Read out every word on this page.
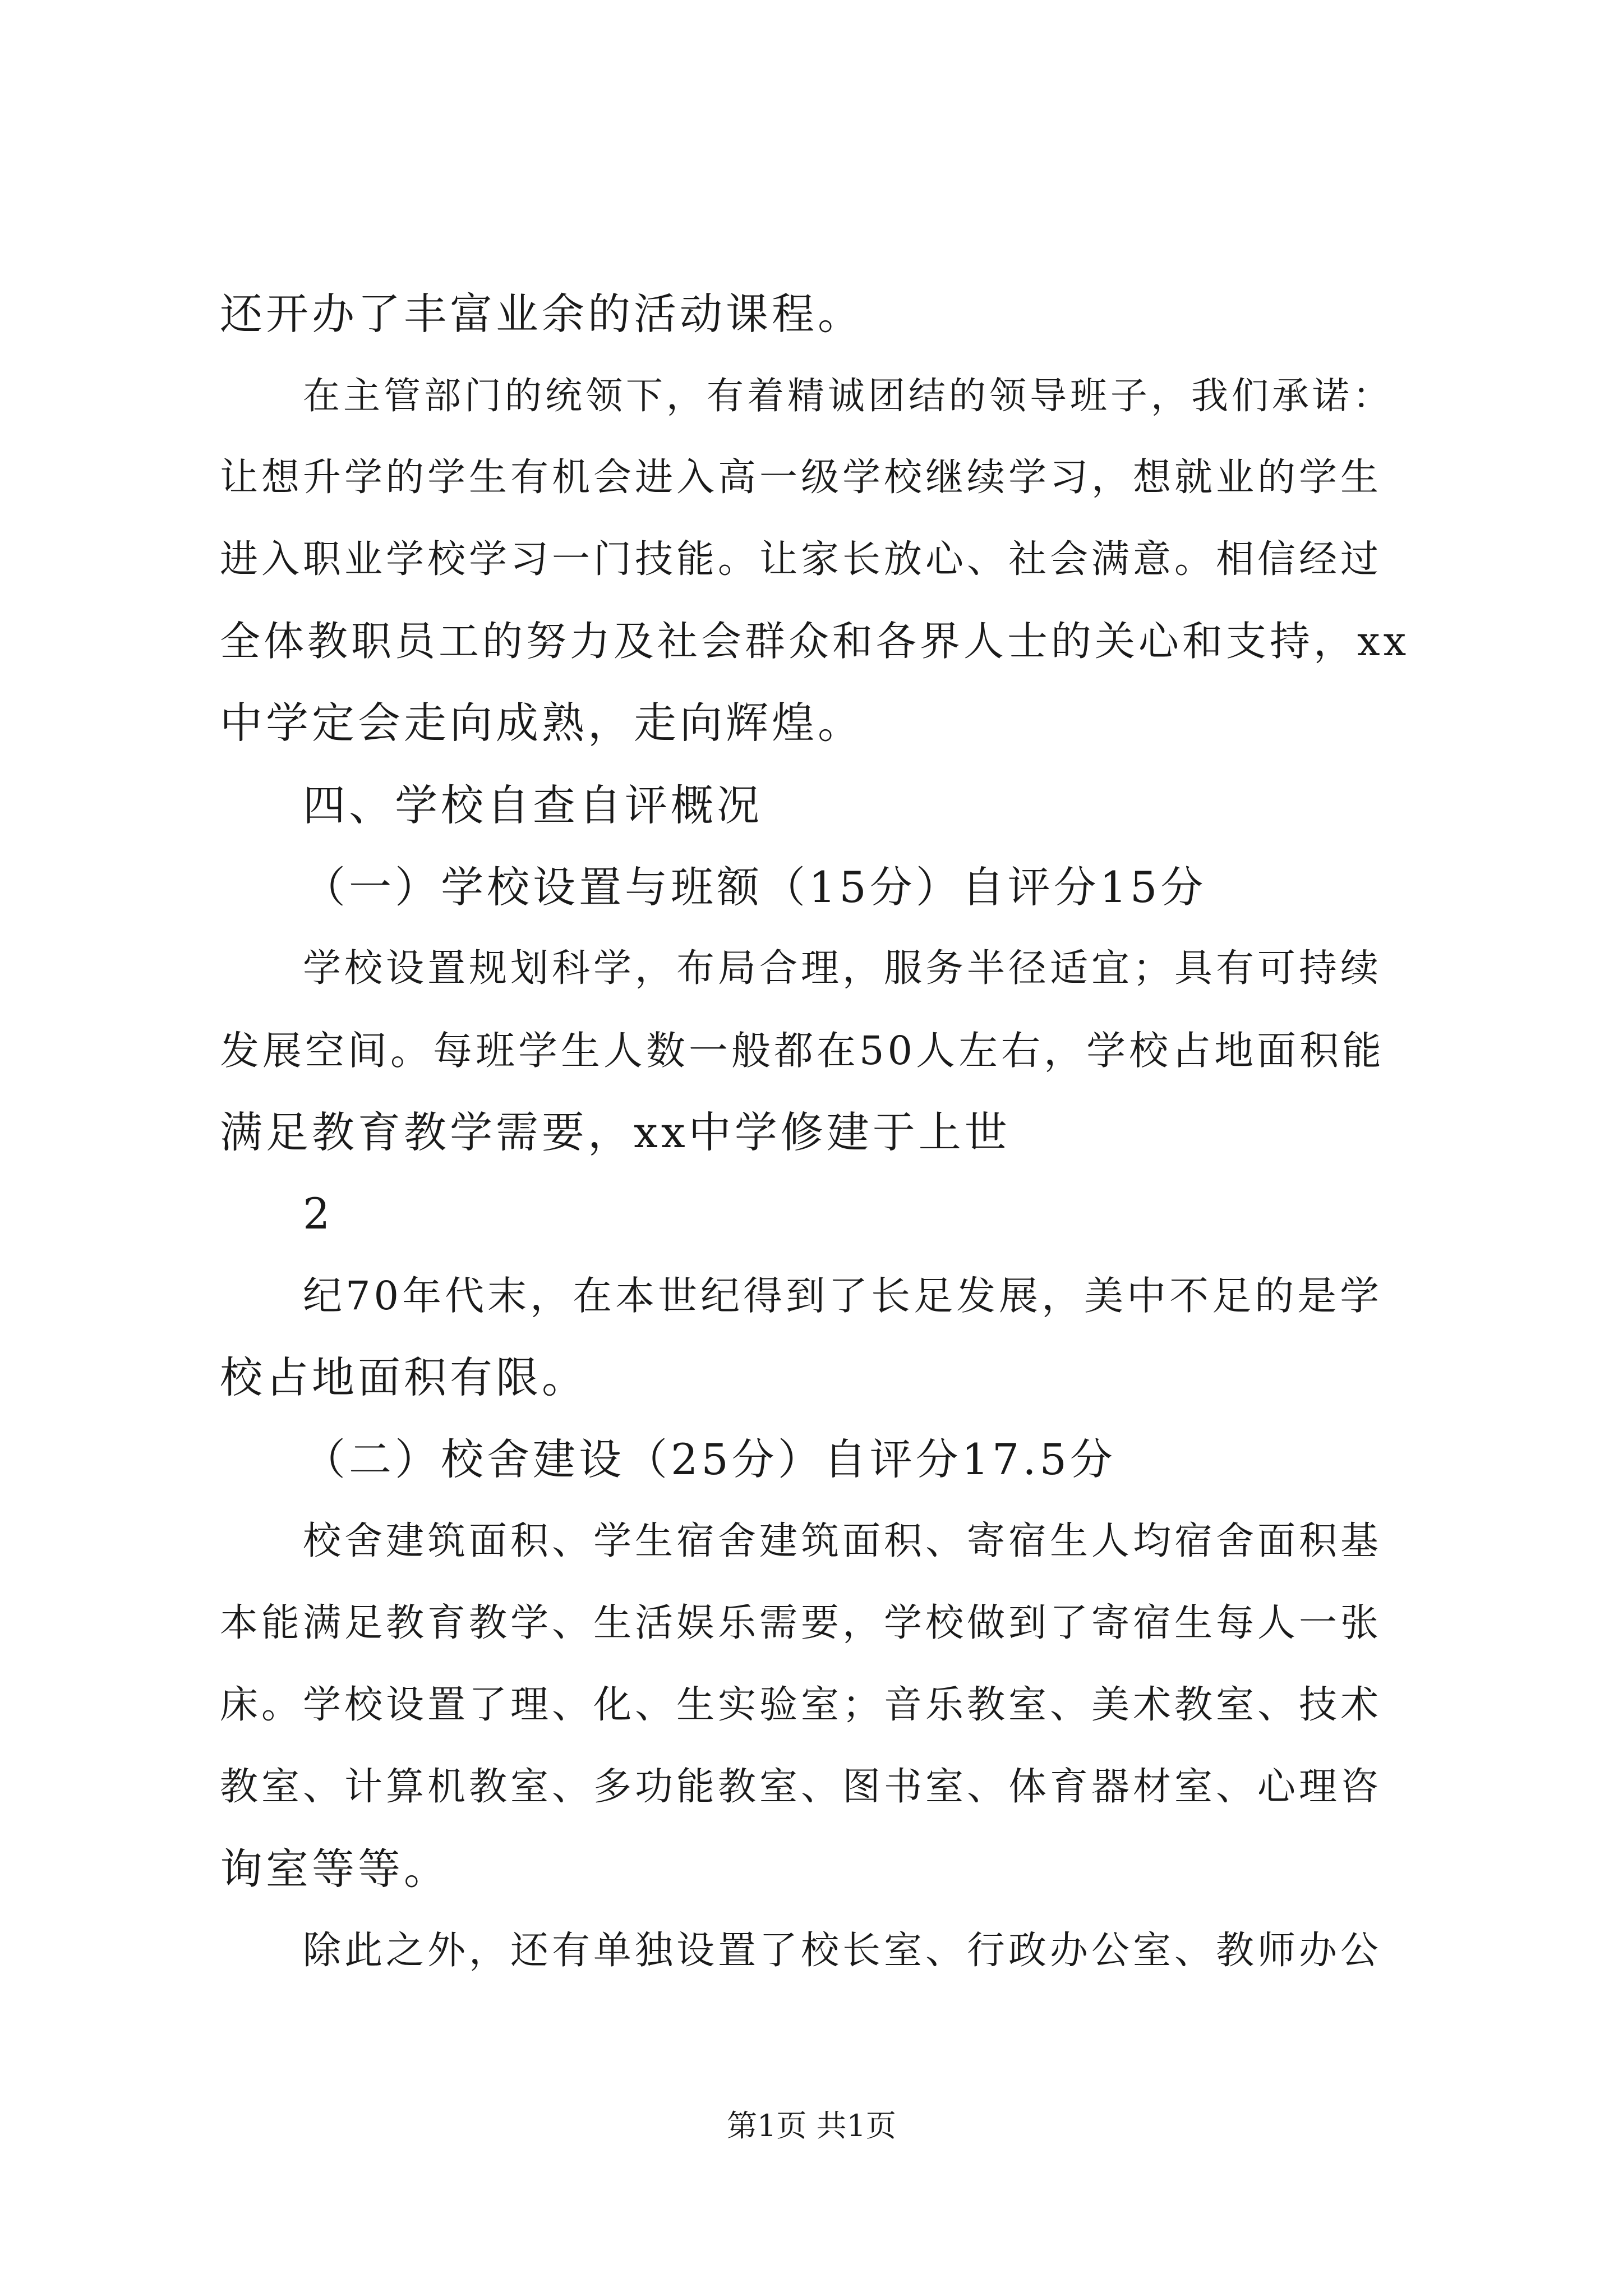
还开办了丰富业余的活动课程。
在主管部门的统领下，有着精诚团结的领导班子，我们承诺：
让想升学的学生有机会进入高一级学校继续学习，想就业的学生
进入职业学校学习一门技能。让家长放心、社会满意。相信经过
全体教职员工的努力及社会群众和各界人士的关心和支持，xx
中学定会走向成熟，走向辉煌。
四、学校自查自评概况
（一）学校设置与班额（15分）自评分15分
学校设置规划科学，布局合理，服务半径适宜；具有可持续
发展空间。每班学生人数一般都在50人左右，学校占地面积能
满足教育教学需要，xx中学修建于上世
2
纪70年代末，在本世纪得到了长足发展，美中不足的是学
校占地面积有限。
（二）校舍建设（25分）自评分17.5分
校舍建筑面积、学生宿舍建筑面积、寄宿生人均宿舍面积基
本能满足教育教学、生活娱乐需要，学校做到了寄宿生每人一张
床。学校设置了理、化、生实验室；音乐教室、美术教室、技术
教室、计算机教室、多功能教室、图书室、体育器材室、心理咨
询室等等。
除此之外，还有单独设置了校长室、行政办公室、教师办公
第1页 共1页
